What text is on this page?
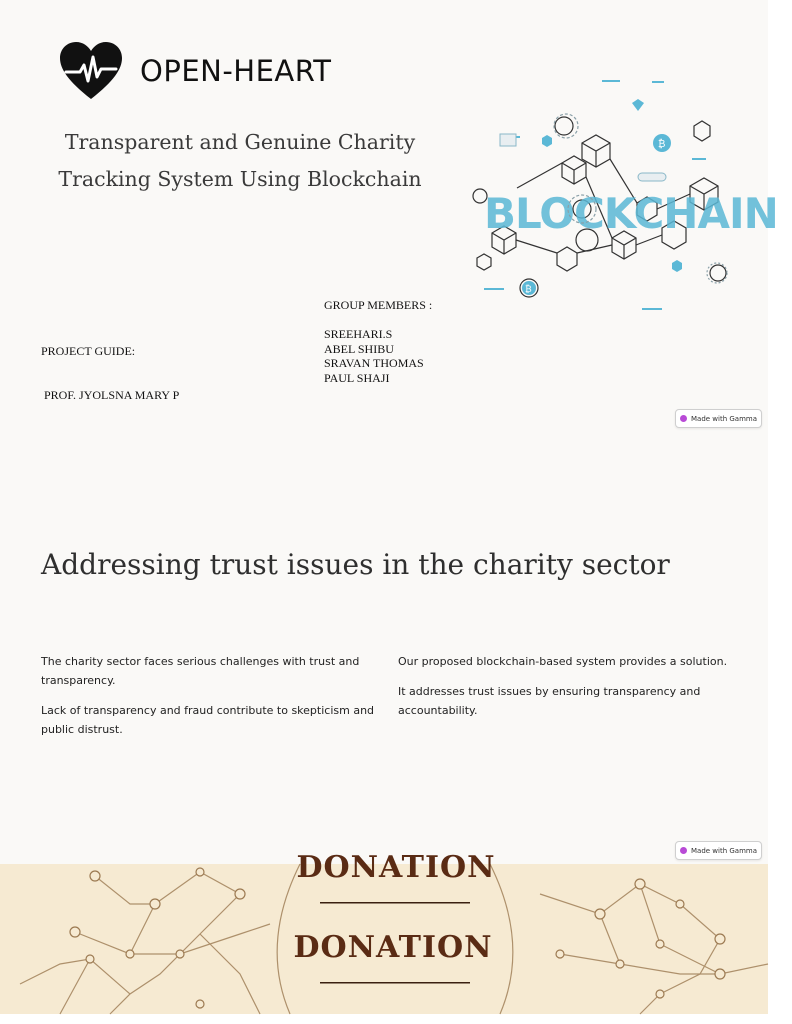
OPEN-HEART
Transparent and Genuine Charity
Tracking System Using Blockchain

PROJECT GUIDE:

PROF. JYOLSNA MARY P

GROUP MEMBERS :
SREEHARI.S
ABEL SHIBU
SRAVAN THOMAS
PAUL SHAJI
BLOCKCHAIN
₿
₿
Made with Gamma
Addressing trust issues in the charity sector

The charity sector faces serious challenges with trust and transparency.

Lack of transparency and fraud contribute to skepticism and public distrust.

Our proposed blockchain-based system provides a solution.

It addresses trust issues by ensuring transparency and accountability.

Made with Gamma
DONATION
DONATION
